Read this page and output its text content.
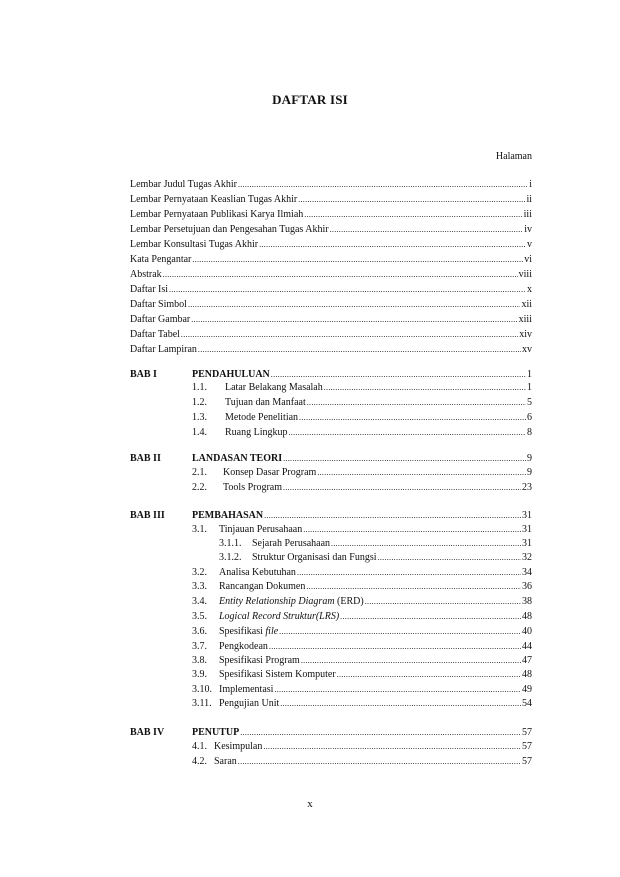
DAFTAR ISI
Halaman
Lembar Judul Tugas Akhir .....	i
Lembar Pernyataan Keaslian Tugas Akhir .....	ii
Lembar Pernyataan Publikasi Karya Ilmiah .....	iii
Lembar Persetujuan dan Pengesahan Tugas Akhir .....	iv
Lembar Konsultasi Tugas Akhir .....	v
Kata Pengantar .....	vi
Abstrak .....	viii
Daftar Isi .....	x
Daftar Simbol .....	xii
Daftar Gambar .....	xiii
Daftar Tabel .....	xiv
Daftar Lampiran .....	xv
BAB I	PENDAHULUAN .....	1
1.1.	Latar Belakang Masalah .....	1
1.2.	Tujuan dan Manfaat .....	5
1.3.	Metode Penelitian .....	6
1.4.	Ruang Lingkup .....	8
BAB II	LANDASAN TEORI .....	9
2.1.	Konsep Dasar Program .....	9
2.2.	Tools Program .....	23
BAB III	PEMBAHASAN .....	31
3.1.	Tinjauan Perusahaan .....	31
3.1.1.	Sejarah Perusahaan .....	31
3.1.2.	Struktur Organisasi dan Fungsi .....	32
3.2.	Analisa Kebutuhan .....	34
3.3.	Rancangan Dokumen .....	36
3.4.	Entity Relationship Diagram (ERD) .....	38
3.5.	Logical Record Struktur(LRS) .....	48
3.6.	Spesifikasi file .....	40
3.7.	Pengkodean .....	44
3.8.	Spesifikasi Program .....	47
3.9.	Spesifikasi Sistem Komputer .....	48
3.10. Implementasi .....	49
3.11. Pengujian Unit .....	54
BAB IV	PENUTUP .....	57
4.1. Kesimpulan .....	57
4.2. Saran .....	57
x
